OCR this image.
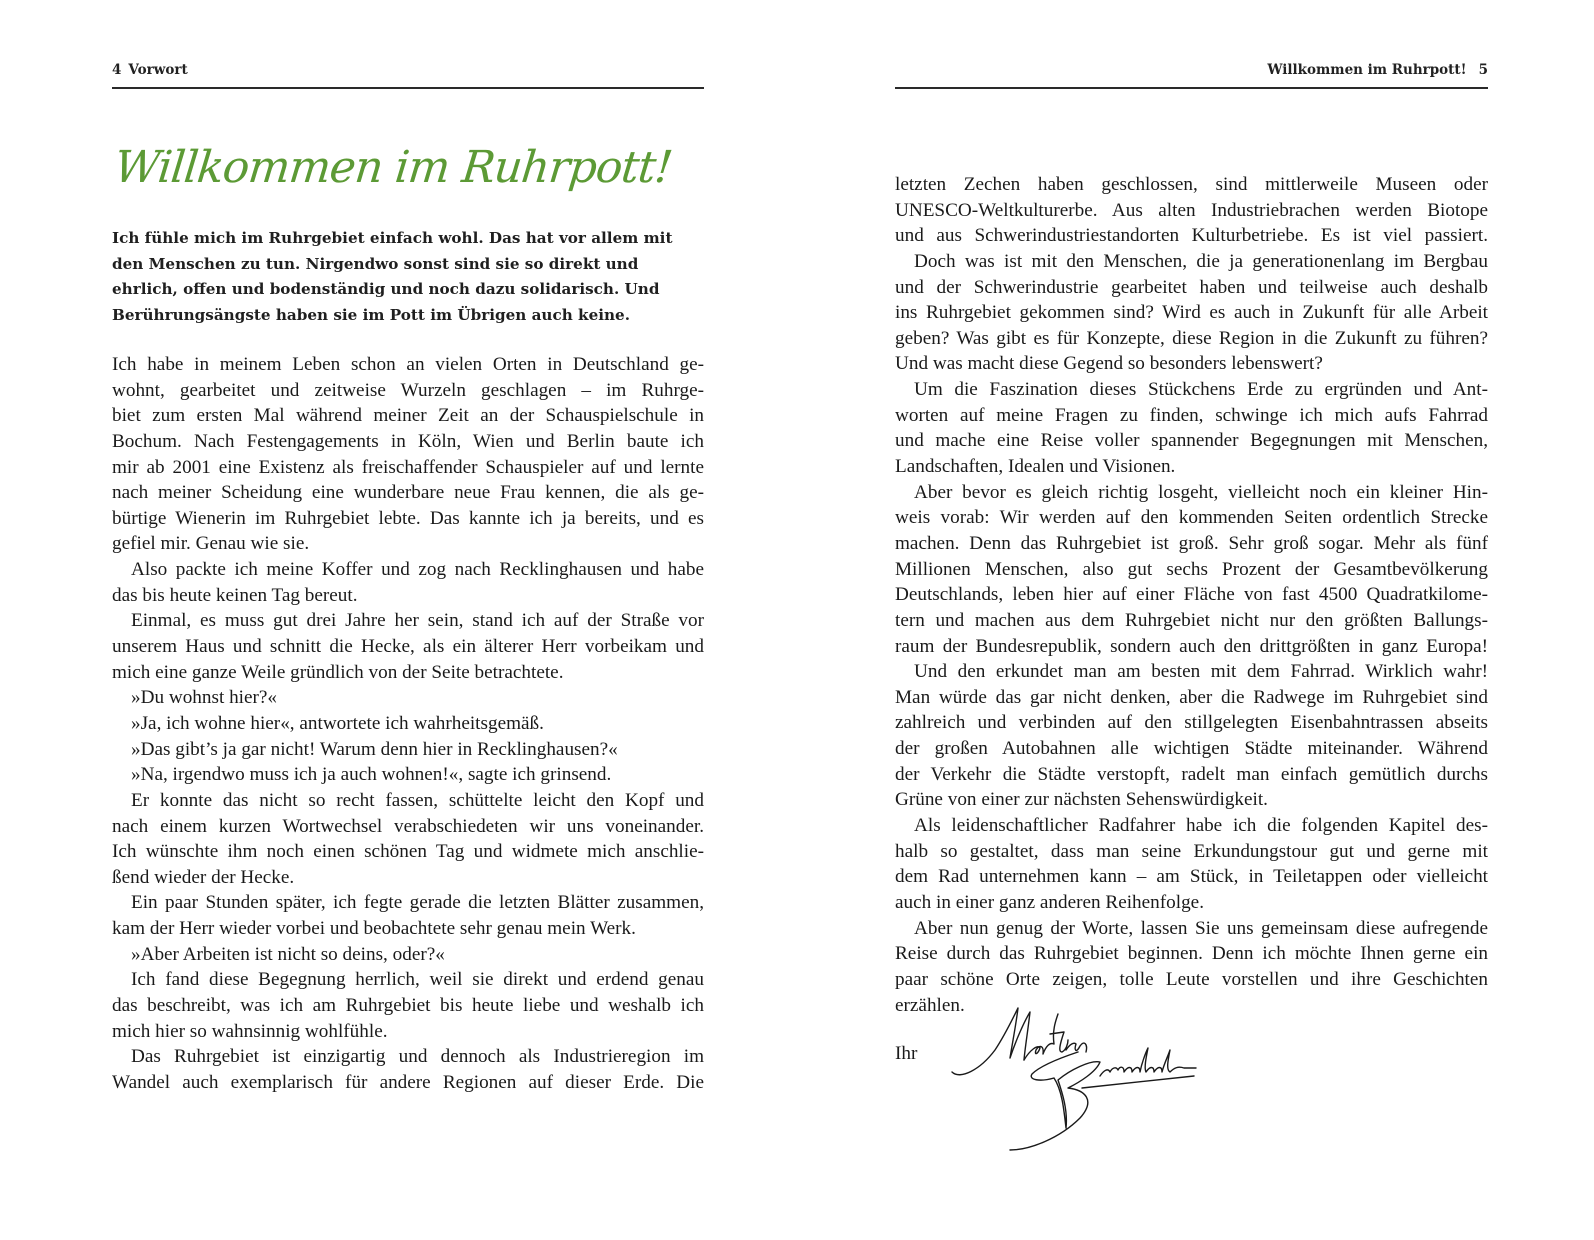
4 Vorwort
Willkommen im Ruhrpott!
Ich fühle mich im Ruhrgebiet einfach wohl. Das hat vor allem mit
den Menschen zu tun. Nirgendwo sonst sind sie so direkt und
ehrlich, offen und bodenständig und noch dazu solidarisch. Und
Berührungsängste haben sie im Pott im Übrigen auch keine.
Ich habe in meinem Leben schon an vielen Orten in Deutschland ge-
wohnt, gearbeitet und zeitweise Wurzeln geschlagen – im Ruhrge-
biet zum ersten Mal während meiner Zeit an der Schauspielschule in
Bochum. Nach Festengagements in Köln, Wien und Berlin baute ich
mir ab 2001 eine Existenz als freischaffender Schauspieler auf und lernte
nach meiner Scheidung eine wunderbare neue Frau kennen, die als ge-
bürtige Wienerin im Ruhrgebiet lebte. Das kannte ich ja bereits, und es
gefiel mir. Genau wie sie.
Also packte ich meine Koffer und zog nach Recklinghausen und habe
das bis heute keinen Tag bereut.
Einmal, es muss gut drei Jahre her sein, stand ich auf der Straße vor
unserem Haus und schnitt die Hecke, als ein älterer Herr vorbeikam und
mich eine ganze Weile gründlich von der Seite betrachtete.
»Du wohnst hier?«
»Ja, ich wohne hier«, antwortete ich wahrheitsgemäß.
»Das gibt’s ja gar nicht! Warum denn hier in Recklinghausen?«
»Na, irgendwo muss ich ja auch wohnen!«, sagte ich grinsend.
Er konnte das nicht so recht fassen, schüttelte leicht den Kopf und
nach einem kurzen Wortwechsel verabschiedeten wir uns voneinander.
Ich wünschte ihm noch einen schönen Tag und widmete mich anschlie-
ßend wieder der Hecke.
Ein paar Stunden später, ich fegte gerade die letzten Blätter zusammen,
kam der Herr wieder vorbei und beobachtete sehr genau mein Werk.
»Aber Arbeiten ist nicht so deins, oder?«
Ich fand diese Begegnung herrlich, weil sie direkt und erdend genau
das beschreibt, was ich am Ruhrgebiet bis heute liebe und weshalb ich
mich hier so wahnsinnig wohlfühle.
Das Ruhrgebiet ist einzigartig und dennoch als Industrieregion im
Wandel auch exemplarisch für andere Regionen auf dieser Erde. Die
Willkommen im Ruhrpott! 5
letzten Zechen haben geschlossen, sind mittlerweile Museen oder
UNESCO-Weltkulturerbe. Aus alten Industriebrachen werden Biotope
und aus Schwerindustriestandorten Kulturbetriebe. Es ist viel passiert.
Doch was ist mit den Menschen, die ja generationenlang im Bergbau
und der Schwerindustrie gearbeitet haben und teilweise auch deshalb
ins Ruhrgebiet gekommen sind? Wird es auch in Zukunft für alle Arbeit
geben? Was gibt es für Konzepte, diese Region in die Zukunft zu führen?
Und was macht diese Gegend so besonders lebenswert?
Um die Faszination dieses Stückchens Erde zu ergründen und Ant-
worten auf meine Fragen zu finden, schwinge ich mich aufs Fahrrad
und mache eine Reise voller spannender Begegnungen mit Menschen,
Landschaften, Idealen und Visionen.
Aber bevor es gleich richtig losgeht, vielleicht noch ein kleiner Hin-
weis vorab: Wir werden auf den kommenden Seiten ordentlich Strecke
machen. Denn das Ruhrgebiet ist groß. Sehr groß sogar. Mehr als fünf
Millionen Menschen, also gut sechs Prozent der Gesamtbevölkerung
Deutschlands, leben hier auf einer Fläche von fast 4500 Quadratkilome-
tern und machen aus dem Ruhrgebiet nicht nur den größten Ballungs-
raum der Bundesrepublik, sondern auch den drittgrößten in ganz Europa!
Und den erkundet man am besten mit dem Fahrrad. Wirklich wahr!
Man würde das gar nicht denken, aber die Radwege im Ruhrgebiet sind
zahlreich und verbinden auf den stillgelegten Eisenbahntrassen abseits
der großen Autobahnen alle wichtigen Städte miteinander. Während
der Verkehr die Städte verstopft, radelt man einfach gemütlich durchs
Grüne von einer zur nächsten Sehenswürdigkeit.
Als leidenschaftlicher Radfahrer habe ich die folgenden Kapitel des-
halb so gestaltet, dass man seine Erkundungstour gut und gerne mit
dem Rad unternehmen kann – am Stück, in Teiletappen oder vielleicht
auch in einer ganz anderen Reihenfolge.
Aber nun genug der Worte, lassen Sie uns gemeinsam diese aufregende
Reise durch das Ruhrgebiet beginnen. Denn ich möchte Ihnen gerne ein
paar schöne Orte zeigen, tolle Leute vorstellen und ihre Geschichten
erzählen.
Ihr
